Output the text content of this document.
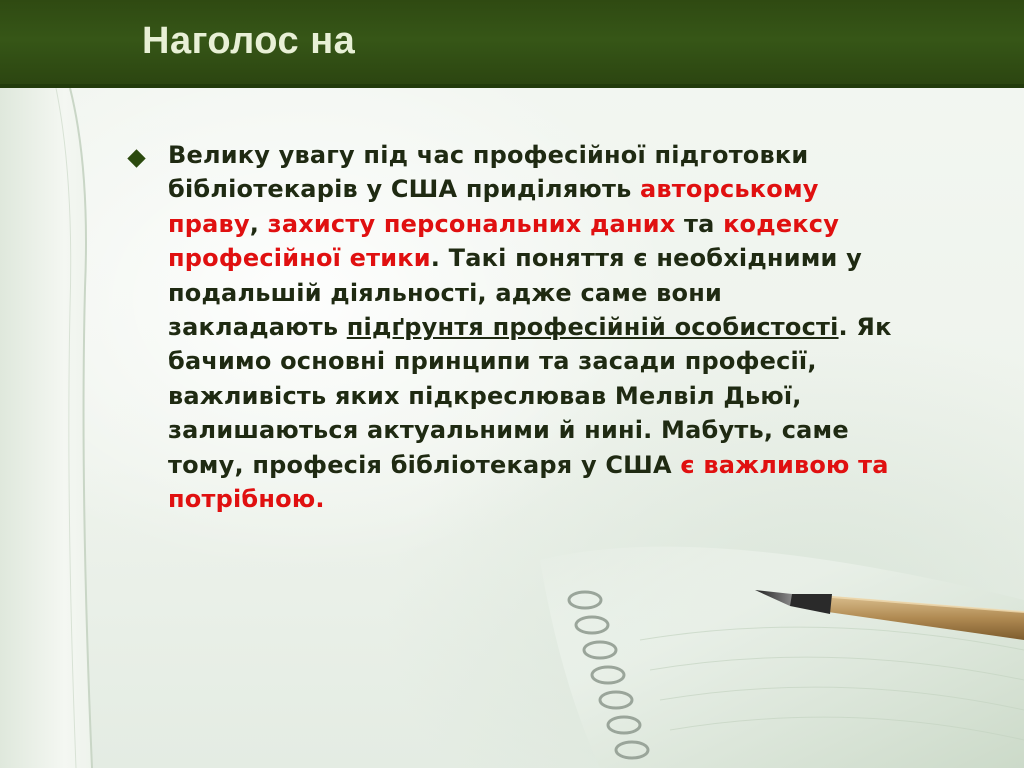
Наголос на

Велику увагу під час професійної підготовки бібліотекарів у США приділяють авторському праву, захисту персональних даних та кодексу професійної етики. Такі поняття є необхідними у подальшій діяльності, адже саме вони закладають підґрунтя професійній особистості. Як бачимо основні принципи та засади професії, важливість яких підкреслював Мелвіл Дьюї, залишаються актуальними й нині. Мабуть, саме тому, професія бібліотекаря у США є важливою та потрібною.
